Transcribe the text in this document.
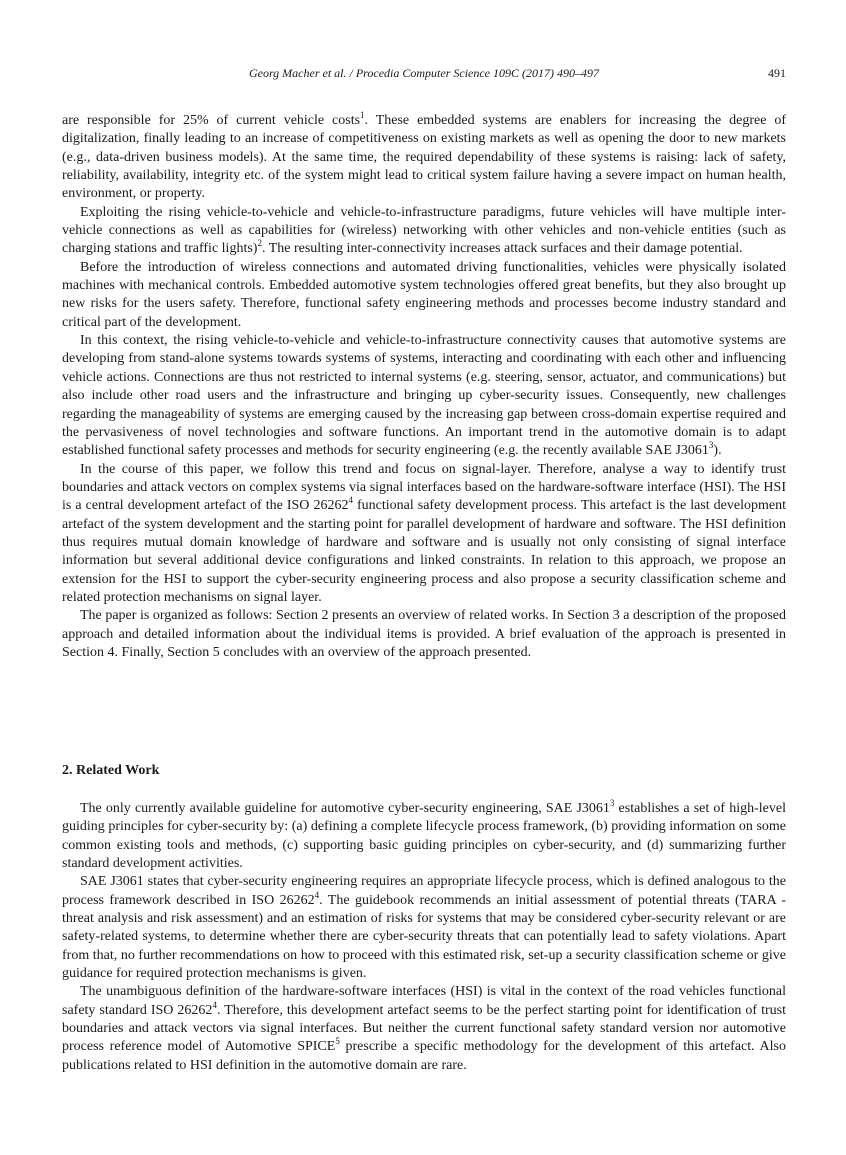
Georg Macher et al. / Procedia Computer Science 109C (2017) 490–497	491

are responsible for 25% of current vehicle costs$^1$. These embedded systems are enablers for increasing the degree of digitalization, finally leading to an increase of competitiveness on existing markets as well as opening the door to new markets (e.g., data-driven business models). At the same time, the required dependability of these systems is raising: lack of safety, reliability, availability, integrity etc. of the system might lead to critical system failure having a severe impact on human health, environment, or property.

Exploiting the rising vehicle-to-vehicle and vehicle-to-infrastructure paradigms, future vehicles will have multiple inter-vehicle connections as well as capabilities for (wireless) networking with other vehicles and non-vehicle entities (such as charging stations and traffic lights)$^2$. The resulting inter-connectivity increases attack surfaces and their damage potential.

Before the introduction of wireless connections and automated driving functionalities, vehicles were physically isolated machines with mechanical controls. Embedded automotive system technologies offered great benefits, but they also brought up new risks for the users safety. Therefore, functional safety engineering methods and processes become industry standard and critical part of the development.

In this context, the rising vehicle-to-vehicle and vehicle-to-infrastructure connectivity causes that automotive systems are developing from stand-alone systems towards systems of systems, interacting and coordinating with each other and influencing vehicle actions. Connections are thus not restricted to internal systems (e.g. steering, sensor, actuator, and communications) but also include other road users and the infrastructure and bringing up cyber-security issues. Consequently, new challenges regarding the manageability of systems are emerging caused by the increasing gap between cross-domain expertise required and the pervasiveness of novel technologies and software functions. An important trend in the automotive domain is to adapt established functional safety processes and methods for security engineering (e.g. the recently available SAE J3061$^3$).

In the course of this paper, we follow this trend and focus on signal-layer. Therefore, analyse a way to identify trust boundaries and attack vectors on complex systems via signal interfaces based on the hardware-software interface (HSI). The HSI is a central development artefact of the ISO 26262$^4$ functional safety development process. This artefact is the last development artefact of the system development and the starting point for parallel development of hardware and software. The HSI definition thus requires mutual domain knowledge of hardware and software and is usually not only consisting of signal interface information but several additional device configurations and linked constraints. In relation to this approach, we propose an extension for the HSI to support the cyber-security engineering process and also propose a security classification scheme and related protection mechanisms on signal layer.

The paper is organized as follows: Section 2 presents an overview of related works. In Section 3 a description of the proposed approach and detailed information about the individual items is provided. A brief evaluation of the approach is presented in Section 4. Finally, Section 5 concludes with an overview of the approach presented.

2. Related Work

The only currently available guideline for automotive cyber-security engineering, SAE J3061$^3$ establishes a set of high-level guiding principles for cyber-security by: (a) defining a complete lifecycle process framework, (b) providing information on some common existing tools and methods, (c) supporting basic guiding principles on cyber-security, and (d) summarizing further standard development activities.

SAE J3061 states that cyber-security engineering requires an appropriate lifecycle process, which is defined analogous to the process framework described in ISO 26262$^4$. The guidebook recommends an initial assessment of potential threats (TARA - threat analysis and risk assessment) and an estimation of risks for systems that may be considered cyber-security relevant or are safety-related systems, to determine whether there are cyber-security threats that can potentially lead to safety violations. Apart from that, no further recommendations on how to proceed with this estimated risk, set-up a security classification scheme or give guidance for required protection mechanisms is given.

The unambiguous definition of the hardware-software interfaces (HSI) is vital in the context of the road vehicles functional safety standard ISO 26262$^4$. Therefore, this development artefact seems to be the perfect starting point for identification of trust boundaries and attack vectors via signal interfaces. But neither the current functional safety standard version nor automotive process reference model of Automotive SPICE$^5$ prescribe a specific methodology for the development of this artefact. Also publications related to HSI definition in the automotive domain are rare.
